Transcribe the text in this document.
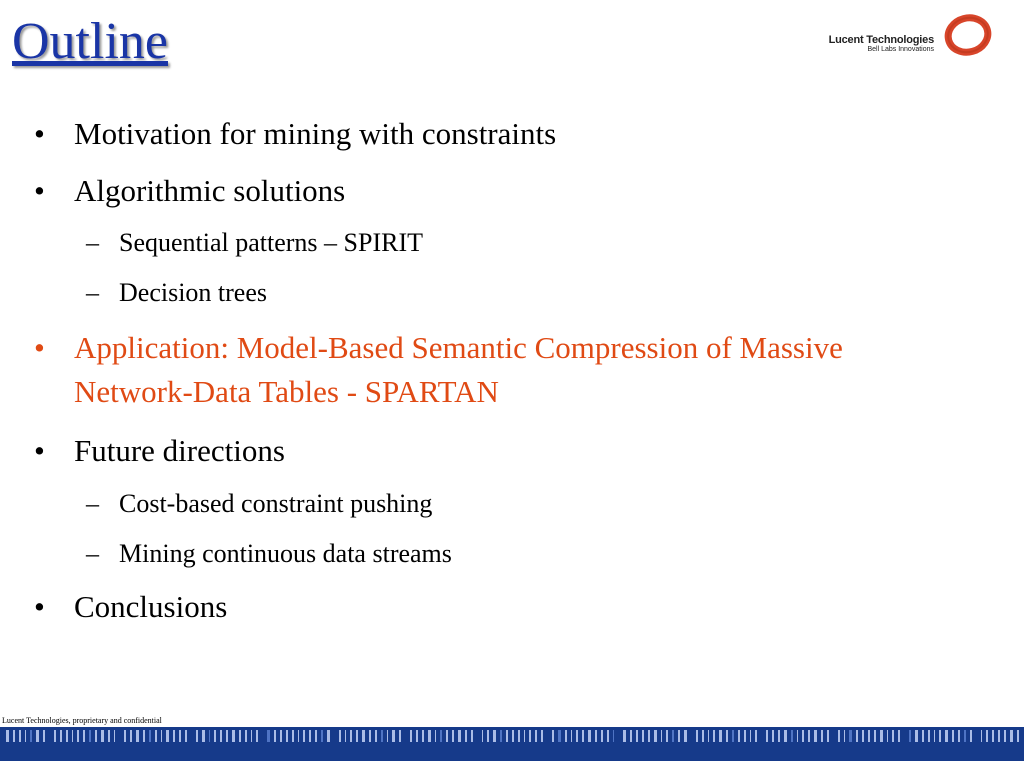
Outline	Lucent Technologies
Bell Labs Innovations
• Motivation for mining with constraints
• Algorithmic solutions
– Sequential patterns – SPIRIT
– Decision trees
• Application: Model-Based Semantic Compression of Massive Network-Data Tables - SPARTAN
• Future directions
– Cost-based constraint pushing
– Mining continuous data streams
• Conclusions
Lucent Technologies, proprietary and confidential
